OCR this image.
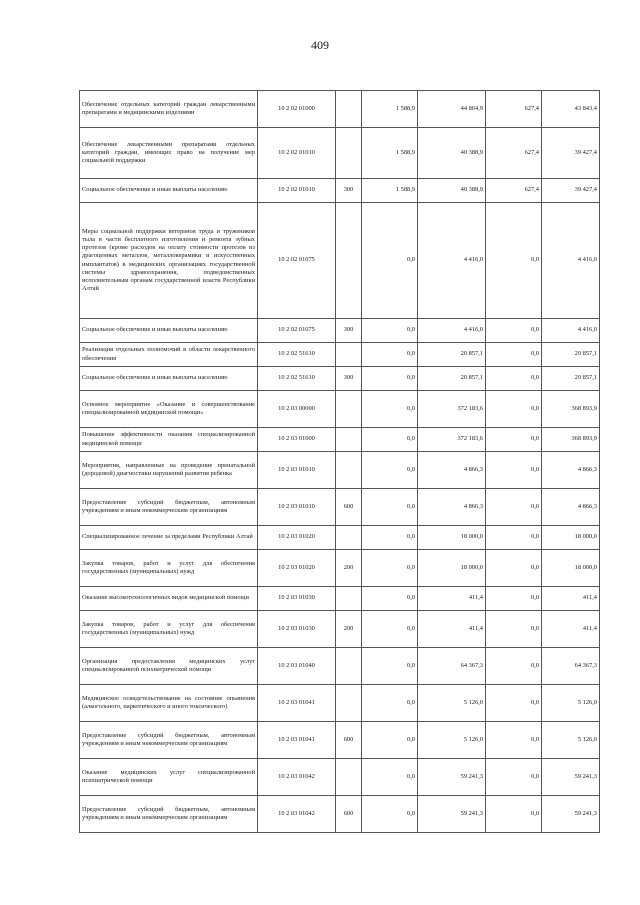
409
Обеспечение отдельных категорий граждан лекарственными препаратами и медицинскими изделиями	10 2 02 01000		1 588,9	44 804,9	627,4	43 843,4
Обеспечение лекарственными препаратами отдельных категорий граждан, имеющих право на получение мер социальной поддержки	10 2 02 01010		1 588,9	40 388,9	627,4	39 427,4
Социальное обеспечение и иные выплаты населению	10 2 02 01010	300	1 588,9	40 388,9	627,4	39 427,4
Меры социальной поддержки ветеранов труда и тружеников тыла в части бесплатного изготовления и ремонта зубных протезов (кроме расходов на оплату стоимости протезов из драгоценных металлов, металлокерамики и искусственных имплантатов) в медицинских организациях государственной системы здравоохранения, подведомственных исполнительным органам государственной власти Республики Алтай	10 2 02 01075		0,0	4 416,0	0,0	4 416,0
Социальное обеспечение и иные выплаты населению	10 2 02 01075	300	0,0	4 416,0	0,0	4 416,0
Реализация отдельных полномочий в области лекарственного обеспечения	10 2 02 51610		0,0	20 857,1	0,0	20 857,1
Социальное обеспечение и иные выплаты населению	10 2 02 51610	300	0,0	20 857,1	0,0	20 857,1
Основное мероприятие «Оказание и совершенствование специализированной медицинской помощи»	10 2 03 00000		0,0	372 183,6	0,0	368 893,9
Повышение эффективности оказания специализированной медицинской помощи	10 2 03 01000		0,0	372 183,6	0,0	368 893,9
Мероприятия, направленные на проведение пренатальной (дородовой) диагностики нарушений развития ребенка	10 2 03 01010		0,0	4 866,3	0,0	4 866,3
Предоставление субсидий бюджетным, автономным учреждениям и иным некоммерческим организациям	10 2 03 01010	600	0,0	4 866,3	0,0	4 866,3
Специализированное лечение за пределами Республики Алтай	10 2 03 01020		0,0	18 000,0	0,0	18 000,0
Закупка товаров, работ и услуг для обеспечения государственных (муниципальных) нужд	10 2 03 01020	200	0,0	18 000,0	0,0	18 000,0
Оказание высокотехнологичных видов медицинской помощи	10 2 03 01030		0,0	411,4	0,0	411,4
Закупка товаров, работ и услуг для обеспечения государственных (муниципальных) нужд	10 2 03 01030	200	0,0	411,4	0,0	411,4
Организация предоставления медицинских услуг специализированной психиатрической помощи	10 2 03 01040		0,0	64 367,3	0,0	64 367,3
Медицинское освидетельствование на состояние опьянения (алкогольного, наркотического и иного токсического)	10 2 03 01041		0,0	5 126,0	0,0	5 126,0
Предоставление субсидий бюджетным, автономным учреждениям и иным некоммерческим организациям	10 2 03 01041	600	0,0	5 126,0	0,0	5 126,0
Оказание медицинских услуг специализированной психиатрической помощи	10 2 03 01042		0,0	59 241,3	0,0	59 241,3
Предоставление субсидий бюджетным, автономным учреждениям и иным некоммерческим организациям	10 2 03 01042	600	0,0	59 241,3	0,0	59 241,3
